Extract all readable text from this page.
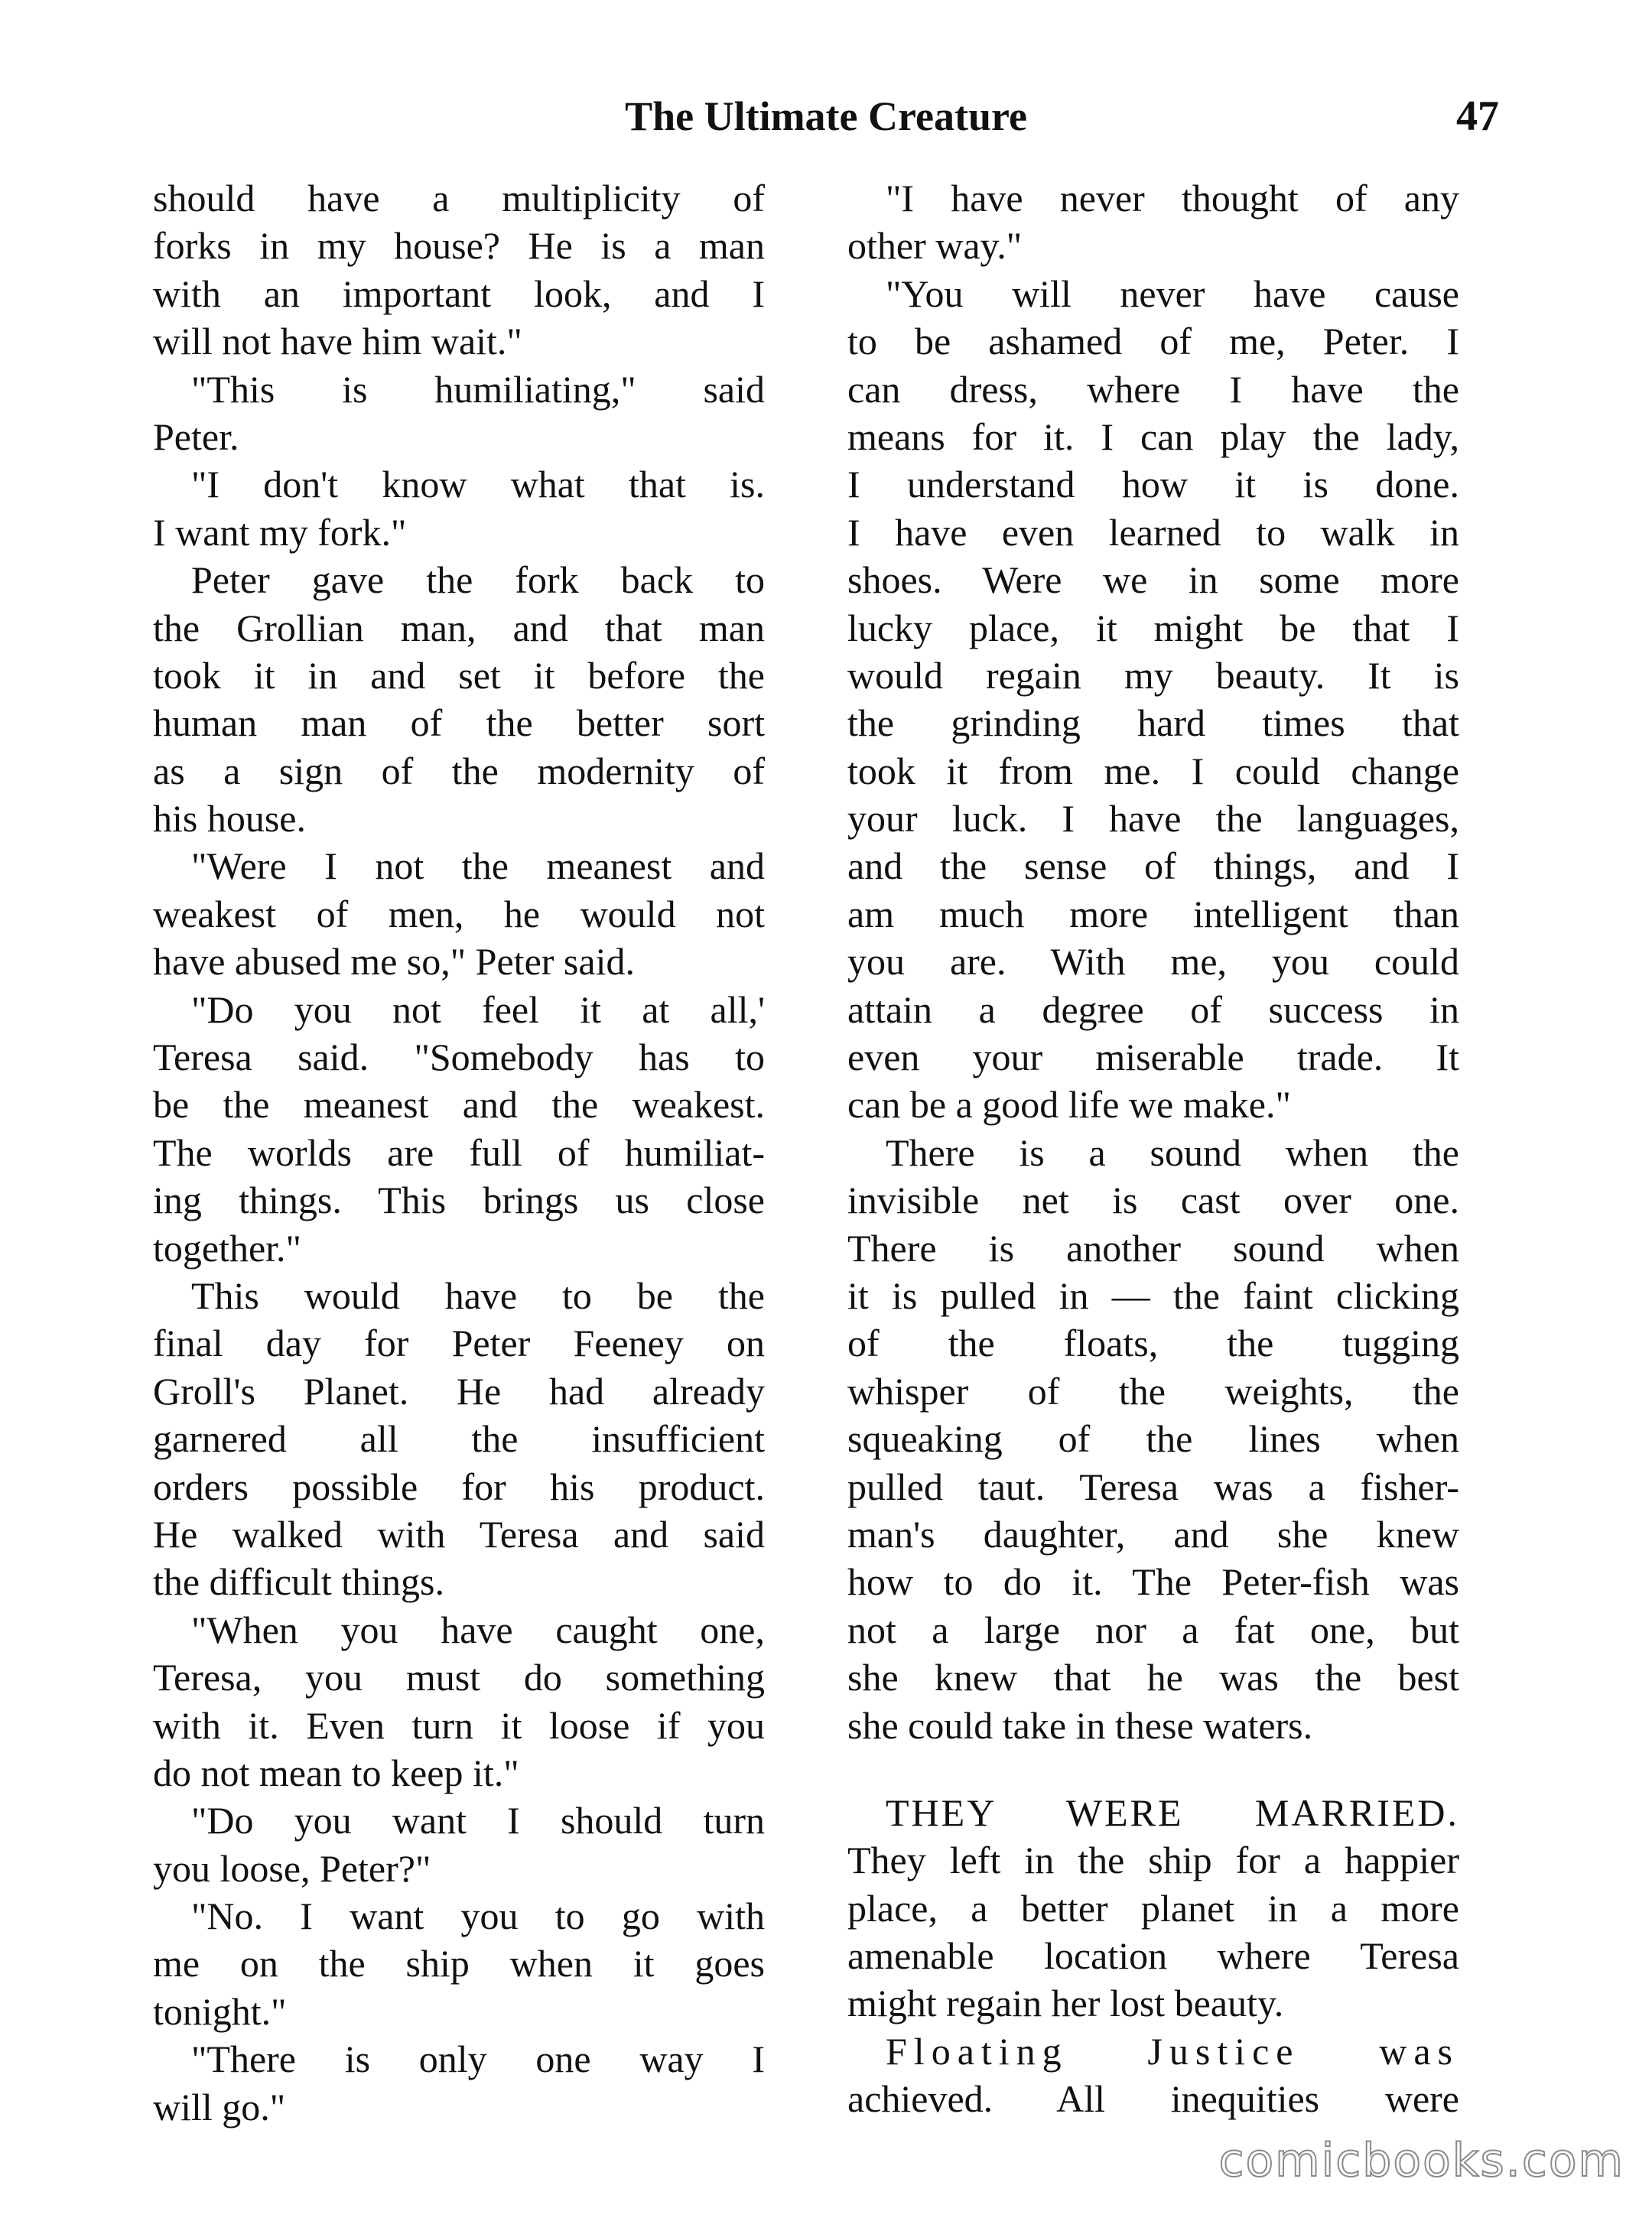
The Ultimate Creature	47
should have a multiplicity of
forks in my house? He is a man
with an important look, and I
will not have him wait."
"This is humiliating," said
Peter.
"I don't know what that is.
I want my fork."
Peter gave the fork back to
the Grollian man, and that man
took it in and set it before the
human man of the better sort
as a sign of the modernity of
his house.
"Were I not the meanest and
weakest of men, he would not
have abused me so," Peter said.
"Do you not feel it at all,'
Teresa said. "Somebody has to
be the meanest and the weakest.
The worlds are full of humiliat-
ing things. This brings us close
together."
This would have to be the
final day for Peter Feeney on
Groll's Planet. He had already
garnered all the insufficient
orders possible for his product.
He walked with Teresa and said
the difficult things.
"When you have caught one,
Teresa, you must do something
with it. Even turn it loose if you
do not mean to keep it."
"Do you want I should turn
you loose, Peter?"
"No. I want you to go with
me on the ship when it goes
tonight."
"There is only one way I
will go."
"I have never thought of any
other way."
"You will never have cause
to be ashamed of me, Peter. I
can dress, where I have the
means for it. I can play the lady,
I understand how it is done.
I have even learned to walk in
shoes. Were we in some more
lucky place, it might be that I
would regain my beauty. It is
the grinding hard times that
took it from me. I could change
your luck. I have the languages,
and the sense of things, and I
am much more intelligent than
you are. With me, you could
attain a degree of success in
even your miserable trade. It
can be a good life we make."
There is a sound when the
invisible net is cast over one.
There is another sound when
it is pulled in — the faint clicking
of the floats, the tugging
whisper of the weights, the
squeaking of the lines when
pulled taut. Teresa was a fisher-
man's daughter, and she knew
how to do it. The Peter-fish was
not a large nor a fat one, but
she knew that he was the best
she could take in these waters.
THEY WERE MARRIED.
They left in the ship for a happier
place, a better planet in a more
amenable location where Teresa
might regain her lost beauty.
Floating Justice was
achieved. All inequities were
comicbooks.com
